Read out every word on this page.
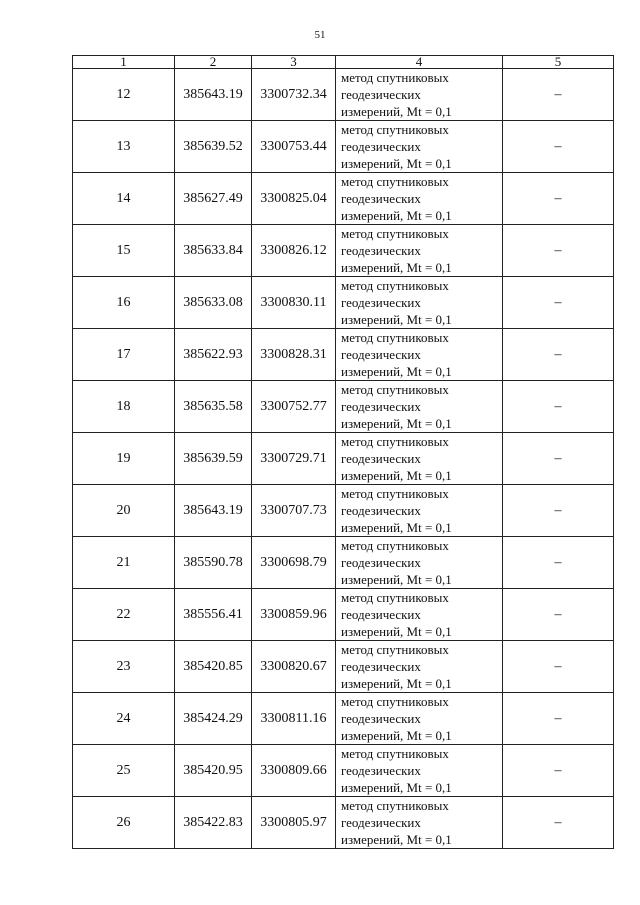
51
1	2	3	4	5
12	385643.19	3300732.34	метод спутниковых
геодезических
измерений, Mt = 0,1	–
13	385639.52	3300753.44	метод спутниковых
геодезических
измерений, Mt = 0,1	–
14	385627.49	3300825.04	метод спутниковых
геодезических
измерений, Mt = 0,1	–
15	385633.84	3300826.12	метод спутниковых
геодезических
измерений, Mt = 0,1	–
16	385633.08	3300830.11	метод спутниковых
геодезических
измерений, Mt = 0,1	–
17	385622.93	3300828.31	метод спутниковых
геодезических
измерений, Mt = 0,1	–
18	385635.58	3300752.77	метод спутниковых
геодезических
измерений, Mt = 0,1	–
19	385639.59	3300729.71	метод спутниковых
геодезических
измерений, Mt = 0,1	–
20	385643.19	3300707.73	метод спутниковых
геодезических
измерений, Mt = 0,1	–
21	385590.78	3300698.79	метод спутниковых
геодезических
измерений, Mt = 0,1	–
22	385556.41	3300859.96	метод спутниковых
геодезических
измерений, Mt = 0,1	–
23	385420.85	3300820.67	метод спутниковых
геодезических
измерений, Mt = 0,1	–
24	385424.29	3300811.16	метод спутниковых
геодезических
измерений, Mt = 0,1	–
25	385420.95	3300809.66	метод спутниковых
геодезических
измерений, Mt = 0,1	–
26	385422.83	3300805.97	метод спутниковых
геодезических
измерений, Mt = 0,1	–
